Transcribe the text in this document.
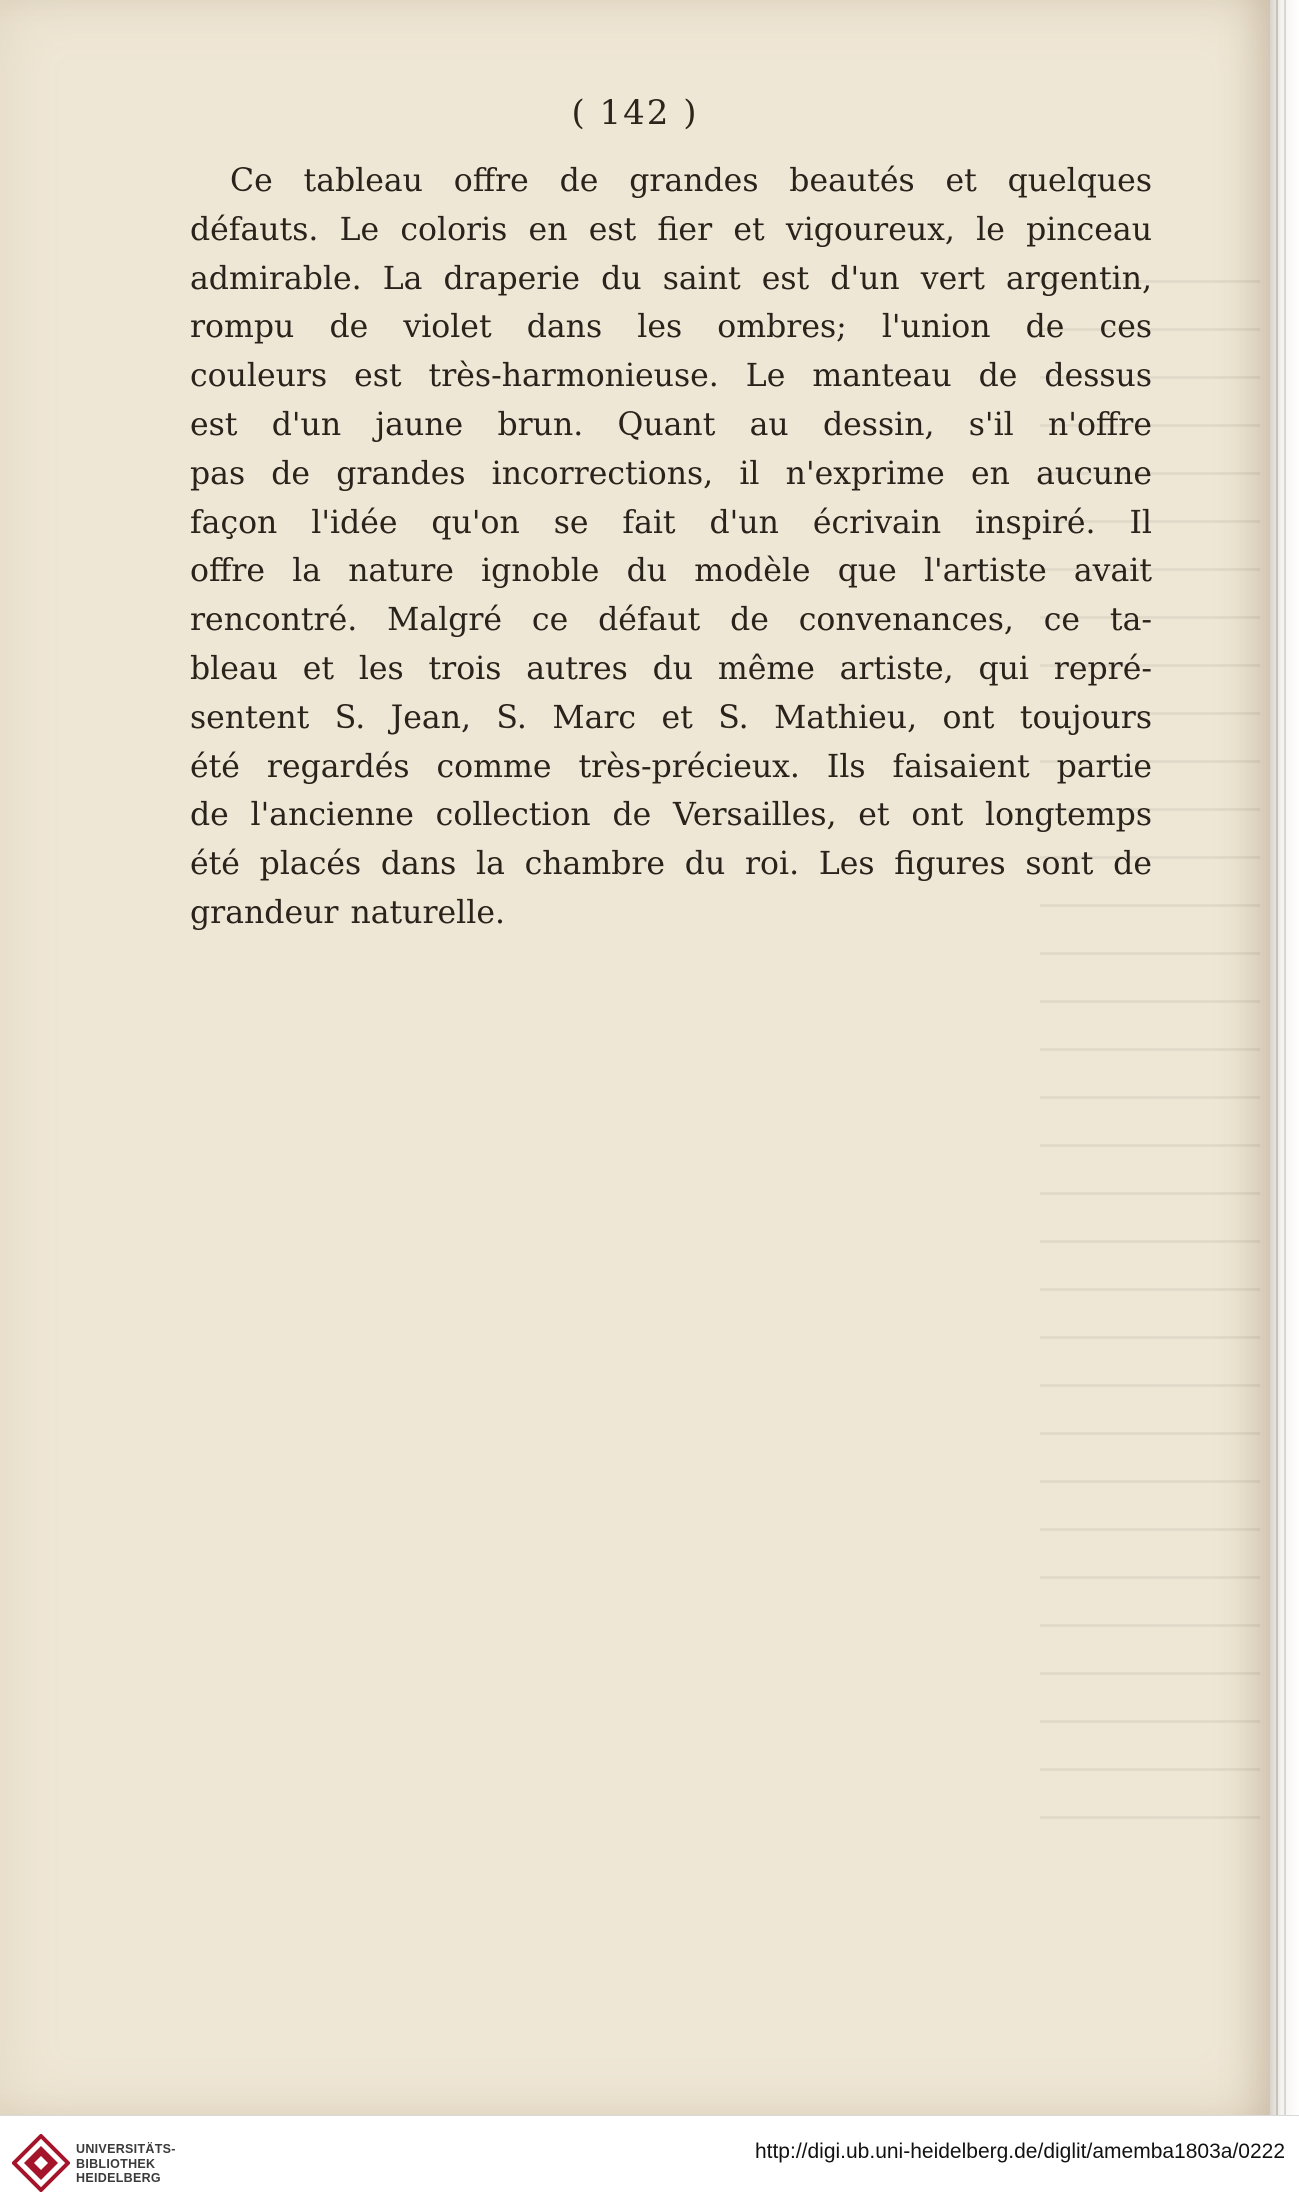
( 142 )
Ce tableau offre de grandes beautés et quelques
défauts. Le coloris en est fier et vigoureux, le pinceau
admirable. La draperie du saint est d'un vert argentin,
rompu de violet dans les ombres; l'union de ces
couleurs est très-harmonieuse. Le manteau de dessus
est d'un jaune brun. Quant au dessin, s'il n'offre
pas de grandes incorrections, il n'exprime en aucune
façon l'idée qu'on se fait d'un écrivain inspiré. Il
offre la nature ignoble du modèle que l'artiste avait
rencontré. Malgré ce défaut de convenances, ce ta-
bleau et les trois autres du même artiste, qui repré-
sentent S. Jean, S. Marc et S. Mathieu, ont toujours
été regardés comme très-précieux. Ils faisaient partie
de l'ancienne collection de Versailles, et ont longtemps
été placés dans la chambre du roi. Les figures sont de
grandeur naturelle.
UNIVERSITÄTS-
BIBLIOTHEK
HEIDELBERG
http://digi.ub.uni-heidelberg.de/diglit/amemba1803a/0222
